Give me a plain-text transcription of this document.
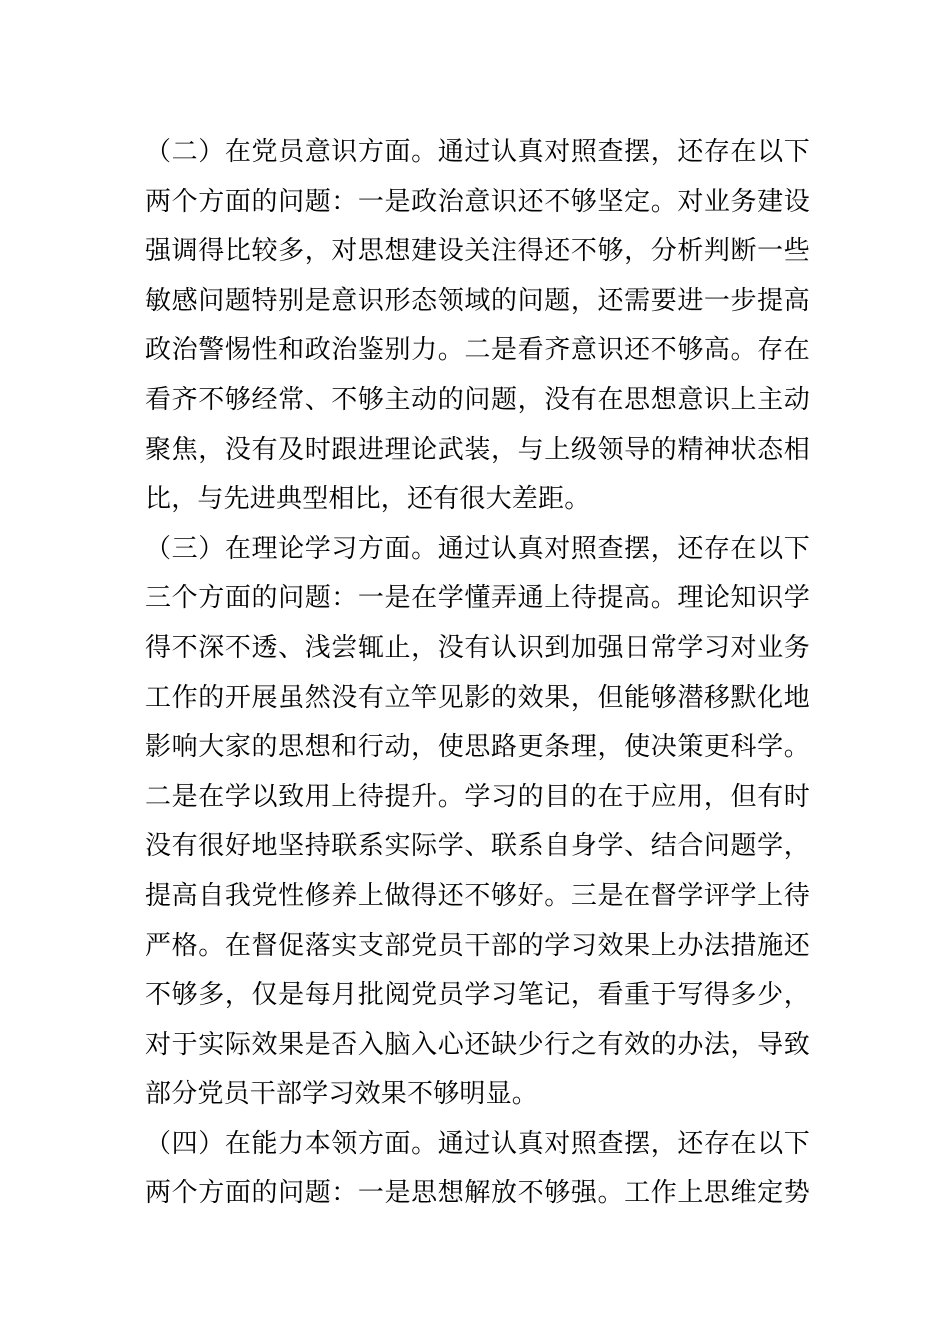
（二）在党员意识方面。通过认真对照查摆，还存在以下
两个方面的问题：一是政治意识还不够坚定。对业务建设
强调得比较多，对思想建设关注得还不够，分析判断一些
敏感问题特别是意识形态领域的问题，还需要进一步提高
政治警惕性和政治鉴别力。二是看齐意识还不够高。存在
看齐不够经常、不够主动的问题，没有在思想意识上主动
聚焦，没有及时跟进理论武装，与上级领导的精神状态相
比，与先进典型相比，还有很大差距。
（三）在理论学习方面。通过认真对照查摆，还存在以下
三个方面的问题：一是在学懂弄通上待提高。理论知识学
得不深不透、浅尝辄止，没有认识到加强日常学习对业务
工作的开展虽然没有立竿见影的效果，但能够潜移默化地
影响大家的思想和行动，使思路更条理，使决策更科学。
二是在学以致用上待提升。学习的目的在于应用，但有时
没有很好地坚持联系实际学、联系自身学、结合问题学，
提高自我党性修养上做得还不够好。三是在督学评学上待
严格。在督促落实支部党员干部的学习效果上办法措施还
不够多，仅是每月批阅党员学习笔记，看重于写得多少，
对于实际效果是否入脑入心还缺少行之有效的办法，导致
部分党员干部学习效果不够明显。
（四）在能力本领方面。通过认真对照查摆，还存在以下
两个方面的问题：一是思想解放不够强。工作上思维定势
